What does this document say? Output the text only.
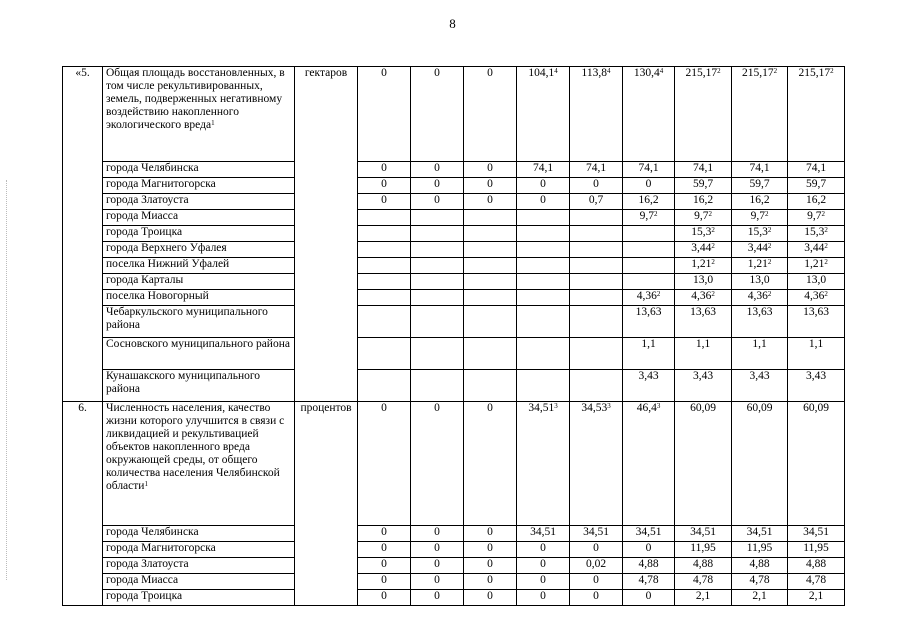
8
«5.	Общая площадь восстановленных, в том числе рекультивированных, земель, подверженных негативному воздействию накопленного экологического вреда$^1$	гектаров	0	0	0	104,1$^4$	113,8$^4$	130,4$^4$	215,17$^2$	215,17$^2$	215,17$^2$
	города Челябинска		0	0	0	74,1	74,1	74,1	74,1	74,1	74,1
	города Магнитогорска		0	0	0	0	0	0	59,7	59,7	59,7
	города Златоуста		0	0	0	0	0,7	16,2	16,2	16,2	16,2
	города Миасса							$9,7^2$	$9,7^2$	$9,7^2$	$9,7^2$
	города Троицка								15,3$^2$	15,3$^2$	15,3$^2$
	города Верхнего Уфалея								3,44$^2$	3,44$^2$	3,44$^2$
	поселка Нижний Уфалей								1,21$^2$	1,21$^2$	1,21$^2$
	города Карталы								13,0	13,0	13,0
	поселка Новогорный							4,36$^2$	4,36$^2$	4,36$^2$	4,36$^2$
	Чебаркульского муниципального района							13,63	13,63	13,63	13,63
	Сосновского муниципального района							1,1	1,1	1,1	1,1
	Кунашакского муниципального района							3,43	3,43	3,43	3,43
6.	Численность населения, качество жизни которого улучшится в связи с ликвидацией и рекультивацией объектов накопленного вреда окружающей среды, от общего количества населения Челябинской области$^1$	процентов	0	0	0	34,51$^3$	34,53$^3$	46,4$^3$	60,09	60,09	60,09
	города Челябинска		0	0	0	34,51	34,51	34,51	34,51	34,51	34,51
	города Магнитогорска		0	0	0	0	0	0	11,95	11,95	11,95
	города Златоуста		0	0	0	0	0,02	4,88	4,88	4,88	4,88
	города Миасса		0	0	0	0	0	4,78	4,78	4,78	4,78
	города Троицка		0	0	0	0	0	0	2,1	2,1	2,1
